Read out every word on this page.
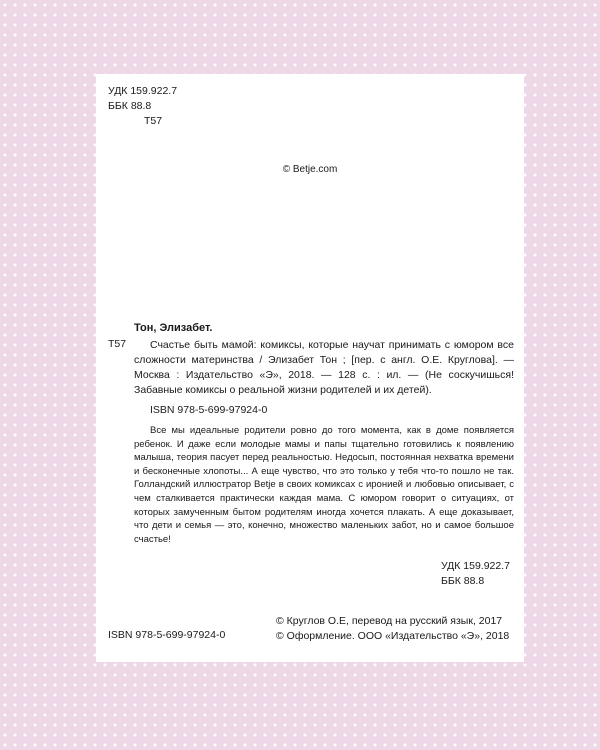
УДК 159.922.7
ББК 88.8
Т57
© Betje.com
Тон, Элизабет.
Т57	Счастье быть мамой: комиксы, которые научат принимать с юмором все сложности материнства / Элизабет Тон ; [пер. с англ. О.Е. Круглова]. — Москва : Издательство «Э», 2018. — 128 с. : ил. — (Не соскучишься! Забавные комиксы о реальной жизни родителей и их детей).
ISBN 978-5-699-97924-0
Все мы идеальные родители ровно до того момента, как в доме появляется ребенок. И даже если молодые мамы и папы тщательно готовились к появлению малыша, теория пасует перед реальностью. Недосып, постоянная нехватка времени и бесконечные хлопоты... А еще чувство, что это только у тебя что-то пошло не так. Голландский иллюстратор Betje в своих комиксах с иронией и любовью описывает, с чем сталкивается практически каждая мама. С юмором говорит о ситуациях, от которых замученным бытом родителям иногда хочется плакать. А еще доказывает, что дети и семья — это, конечно, множество маленьких забот, но и самое большое счастье!
УДК 159.922.7
ББК 88.8
ISBN 978-5-699-97924-0
© Круглов О.Е, перевод на русский язык, 2017
© Оформление. ООО «Издательство «Э», 2018
